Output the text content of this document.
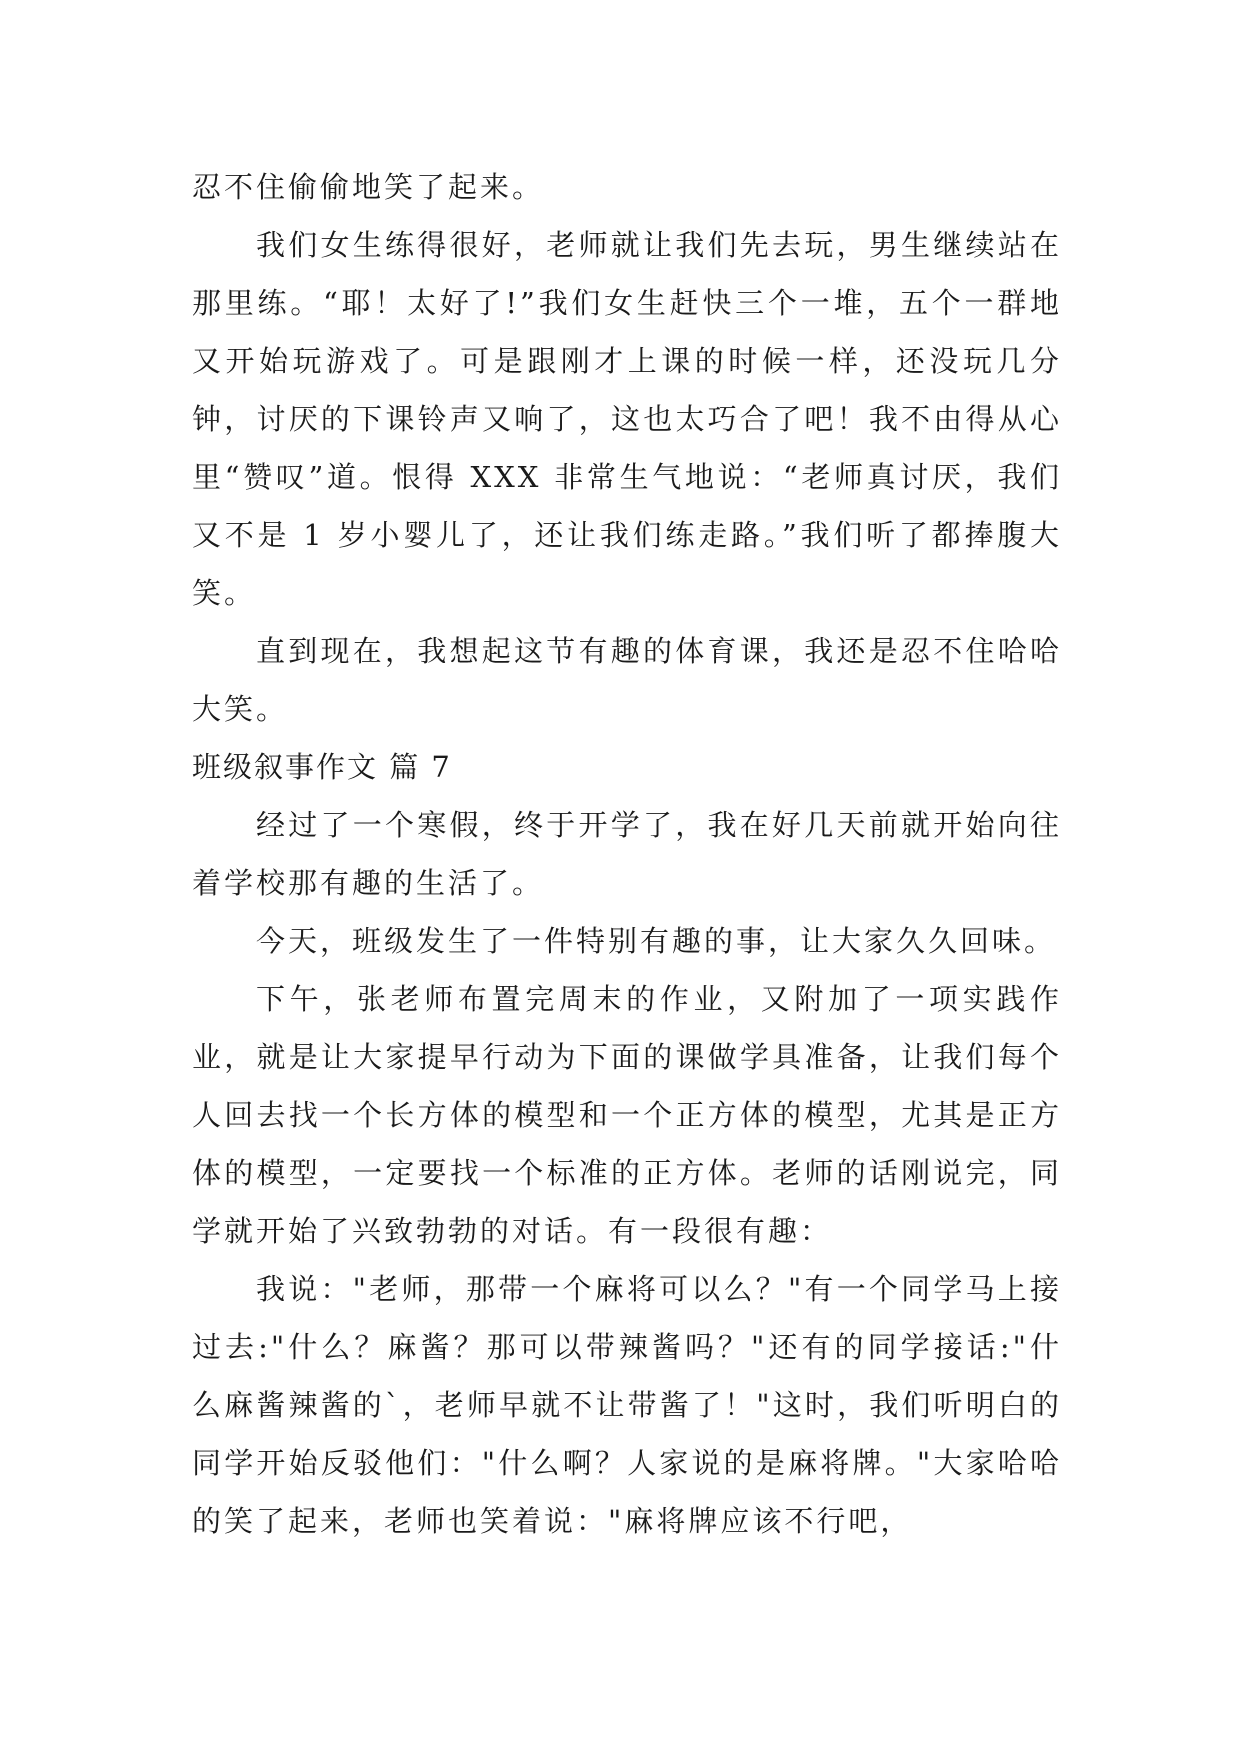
忍不住偷偷地笑了起来。

我们女生练得很好，老师就让我们先去玩，男生继续站在那里练。“耶！太好了!”我们女生赶快三个一堆，五个一群地又开始玩游戏了。可是跟刚才上课的时候一样，还没玩几分钟，讨厌的下课铃声又响了，这也太巧合了吧！我不由得从心里“赞叹”道。恨得 XXX 非常生气地说：“老师真讨厌，我们又不是 1 岁小婴儿了，还让我们练走路。”我们听了都捧腹大笑。

直到现在，我想起这节有趣的体育课，我还是忍不住哈哈大笑。

班级叙事作文 篇 7

经过了一个寒假，终于开学了，我在好几天前就开始向往着学校那有趣的生活了。

今天，班级发生了一件特别有趣的事，让大家久久回味。

下午，张老师布置完周末的作业，又附加了一项实践作业，就是让大家提早行动为下面的课做学具准备，让我们每个人回去找一个长方体的模型和一个正方体的模型，尤其是正方体的模型，一定要找一个标准的正方体。老师的话刚说完，同学就开始了兴致勃勃的对话。有一段很有趣：

我说："老师，那带一个麻将可以么？"有一个同学马上接过去:"什么？麻酱？那可以带辣酱吗？"还有的同学接话:"什么麻酱辣酱的`，老师早就不让带酱了！"这时，我们听明白的同学开始反驳他们："什么啊？人家说的是麻将牌。"大家哈哈的笑了起来，老师也笑着说："麻将牌应该不行吧，
